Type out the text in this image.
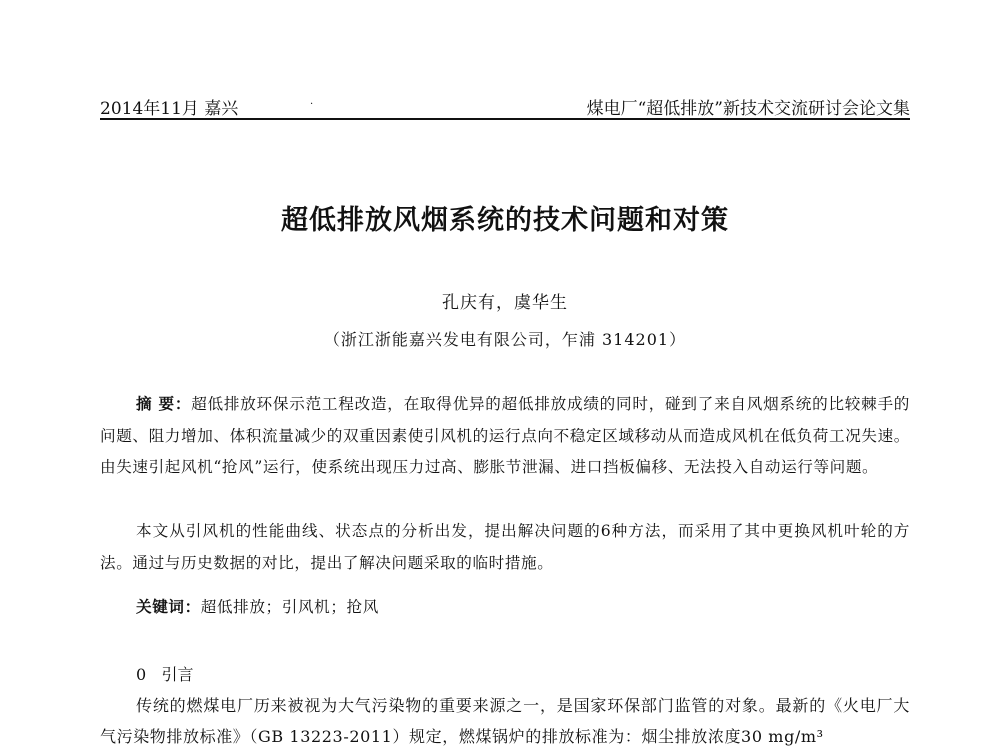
2014年11月 嘉兴	.	煤电厂“超低排放”新技术交流研讨会论文集
超低排放风烟系统的技术问题和对策
孔庆有，虞华生
（浙江浙能嘉兴发电有限公司，乍浦 314201）
摘 要：超低排放环保示范工程改造，在取得优异的超低排放成绩的同时，碰到了来自风烟系统的比较棘手的问题、阻力增加、体积流量减少的双重因素使引风机的运行点向不稳定区域移动从而造成风机在低负荷工况失速。由失速引起风机“抢风”运行，使系统出现压力过高、膨胀节泄漏、进口挡板偏移、无法投入自动运行等问题。
本文从引风机的性能曲线、状态点的分析出发，提出解决问题的6种方法，而采用了其中更换风机叶轮的方法。通过与历史数据的对比，提出了解决问题采取的临时措施。
关键词：超低排放；引风机；抢风
0 引言
传统的燃煤电厂历来被视为大气污染物的重要来源之一，是国家环保部门监管的对象。最新的《火电厂大气污染物排放标准》（GB 13223-2011）规定，燃煤锅炉的排放标准为：烟尘排放浓度30 mg/m³
